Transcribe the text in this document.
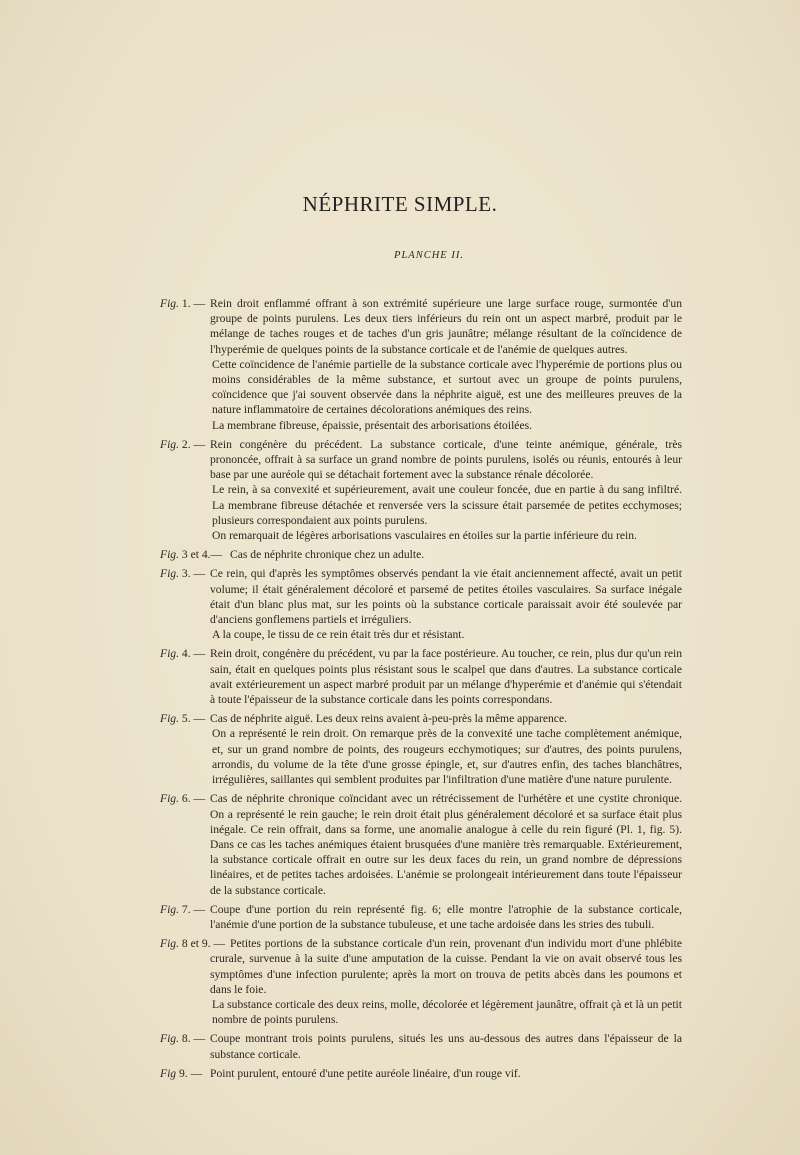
NÉPHRITE SIMPLE.
PLANCHE II.
Fig. 1. — Rein droit enflammé offrant à son extrémité supérieure une large surface rouge, surmontée d'un groupe de points purulens. Les deux tiers inférieurs du rein ont un aspect marbré, produit par le mélange de taches rouges et de taches d'un gris jaunâtre; mélange résultant de la coïncidence de l'hyperémie de quelques points de la substance corticale et de l'anémie de quelques autres.

Cette coïncidence de l'anémie partielle de la substance corticale avec l'hyperémie de portions plus ou moins considérables de la même substance, et surtout avec un groupe de points purulens, coïncidence que j'ai souvent observée dans la néphrite aiguë, est une des meilleures preuves de la nature inflammatoire de certaines décolorations anémiques des reins.

La membrane fibreuse, épaissie, présentait des arborisations étoilées.

Fig. 2. — Rein congénère du précédent. La substance corticale, d'une teinte anémique, générale, très prononcée, offrait à sa surface un grand nombre de points purulens, isolés ou réunis, entourés à leur base par une auréole qui se détachait fortement avec la substance rénale décolorée.

Le rein, à sa convexité et supérieurement, avait une couleur foncée, due en partie à du sang infiltré. La membrane fibreuse détachée et renversée vers la scissure était parsemée de petites ecchymoses; plusieurs correspondaient aux points purulens.

On remarquait de légères arborisations vasculaires en étoiles sur la partie inférieure du rein.

Fig. 3 et 4.— Cas de néphrite chronique chez un adulte.

Fig. 3. — Ce rein, qui d'après les symptômes observés pendant la vie était anciennement affecté, avait un petit volume; il était généralement décoloré et parsemé de petites étoiles vasculaires. Sa surface inégale était d'un blanc plus mat, sur les points où la substance corticale paraissait avoir été soulevée par d'anciens gonflemens partiels et irréguliers.

A la coupe, le tissu de ce rein était très dur et résistant.

Fig. 4. — Rein droit, congénère du précédent, vu par la face postérieure. Au toucher, ce rein, plus dur qu'un rein sain, était en quelques points plus résistant sous le scalpel que dans d'autres. La substance corticale avait extérieurement un aspect marbré produit par un mélange d'hyperémie et d'anémie qui s'étendait à toute l'épaisseur de la substance corticale dans les points correspondans.

Fig. 5. — Cas de néphrite aiguë. Les deux reins avaient à-peu-près la même apparence.

On a représenté le rein droit. On remarque près de la convexité une tache complètement anémique, et, sur un grand nombre de points, des rougeurs ecchymotiques; sur d'autres, des points purulens, arrondis, du volume de la tête d'une grosse épingle, et, sur d'autres enfin, des taches blanchâtres, irrégulières, saillantes qui semblent produites par l'infiltration d'une matière d'une nature purulente.

Fig. 6. — Cas de néphrite chronique coïncidant avec un rétrécissement de l'urhétère et une cystite chronique. On a représenté le rein gauche; le rein droit était plus généralement décoloré et sa surface était plus inégale. Ce rein offrait, dans sa forme, une anomalie analogue à celle du rein figuré (Pl. 1, fig. 5). Dans ce cas les taches anémiques étaient brusquées d'une manière très remarquable. Extérieurement, la substance corticale offrait en outre sur les deux faces du rein, un grand nombre de dépressions linéaires, et de petites taches ardoisées. L'anémie se prolongeait intérieurement dans toute l'épaisseur de la substance corticale.

Fig. 7. — Coupe d'une portion du rein représenté fig. 6; elle montre l'atrophie de la substance corticale, l'anémie d'une portion de la substance tubuleuse, et une tache ardoisée dans les stries des tubuli.

Fig. 8 et 9. — Petites portions de la substance corticale d'un rein, provenant d'un individu mort d'une phlébite crurale, survenue à la suite d'une amputation de la cuisse. Pendant la vie on avait observé tous les symptômes d'une infection purulente; après la mort on trouva de petits abcès dans les poumons et dans le foie.

La substance corticale des deux reins, molle, décolorée et légèrement jaunâtre, offrait çà et là un petit nombre de points purulens.

Fig. 8. — Coupe montrant trois points purulens, situés les uns au-dessous des autres dans l'épaisseur de la substance corticale.

Fig 9. — Point purulent, entouré d'une petite auréole linéaire, d'un rouge vif.
